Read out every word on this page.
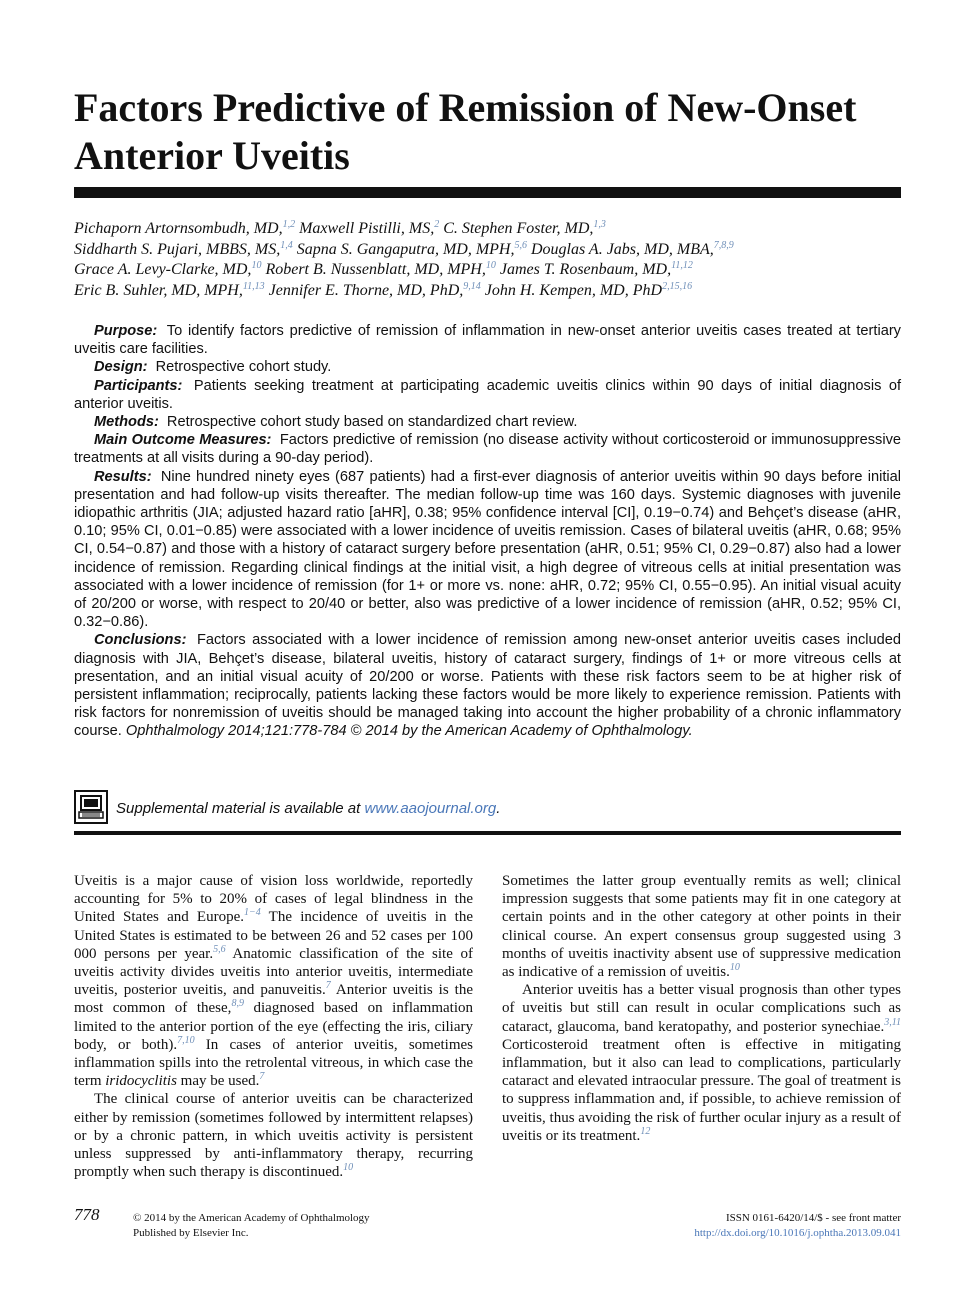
Factors Predictive of Remission of New-Onset Anterior Uveitis
Pichaporn Artornsombudh, MD,$^{1,2}$ Maxwell Pistilli, MS,$^2$ C. Stephen Foster, MD,$^{1,3}$
Siddharth S. Pujari, MBBS, MS,$^{1,4}$ Sapna S. Gangaputra, MD, MPH,$^{5,6}$ Douglas A. Jabs, MD, MBA,$^{7,8,9}$
Grace A. Levy-Clarke, MD,$^{10}$ Robert B. Nussenblatt, MD, MPH,$^{10}$ James T. Rosenbaum, MD,$^{11,12}$
Eric B. Suhler, MD, MPH,$^{11,13}$ Jennifer E. Thorne, MD, PhD,$^{9,14}$ John H. Kempen, MD, PhD$^{2,15,16}$

Purpose: To identify factors predictive of remission of inflammation in new-onset anterior uveitis cases treated at tertiary uveitis care facilities.

Design: Retrospective cohort study.

Participants: Patients seeking treatment at participating academic uveitis clinics within 90 days of initial diagnosis of anterior uveitis.

Methods: Retrospective cohort study based on standardized chart review.

Main Outcome Measures: Factors predictive of remission (no disease activity without corticosteroid or immunosuppressive treatments at all visits during a 90-day period).

Results: Nine hundred ninety eyes (687 patients) had a first-ever diagnosis of anterior uveitis within 90 days before initial presentation and had follow-up visits thereafter. The median follow-up time was 160 days. Systemic diagnoses with juvenile idiopathic arthritis (JIA; adjusted hazard ratio [aHR], 0.38; 95% confidence interval [CI], 0.19−0.74) and Behçet’s disease (aHR, 0.10; 95% CI, 0.01−0.85) were associated with a lower incidence of uveitis remission. Cases of bilateral uveitis (aHR, 0.68; 95% CI, 0.54−0.87) and those with a history of cataract surgery before presentation (aHR, 0.51; 95% CI, 0.29−0.87) also had a lower incidence of remission. Regarding clinical findings at the initial visit, a high degree of vitreous cells at initial presentation was associated with a lower incidence of remission (for 1+ or more vs. none: aHR, 0.72; 95% CI, 0.55−0.95). An initial visual acuity of 20/200 or worse, with respect to 20/40 or better, also was predictive of a lower incidence of remission (aHR, 0.52; 95% CI, 0.32−0.86).

Conclusions: Factors associated with a lower incidence of remission among new-onset anterior uveitis cases included diagnosis with JIA, Behçet’s disease, bilateral uveitis, history of cataract surgery, findings of 1+ or more vitreous cells at presentation, and an initial visual acuity of 20/200 or worse. Patients with these risk factors seem to be at higher risk of persistent inflammation; reciprocally, patients lacking these factors would be more likely to experience remission. Patients with risk factors for nonremission of uveitis should be managed taking into account the higher probability of a chronic inflammatory course. Ophthalmology 2014;121:778-784 © 2014 by the American Academy of Ophthalmology.

Supplemental material is available at www.aaojournal.org.

Uveitis is a major cause of vision loss worldwide, reportedly accounting for 5% to 20% of cases of legal blindness in the United States and Europe.$^{1-4}$ The incidence of uveitis in the United States is estimated to be between 26 and 52 cases per 100 000 persons per year.$^{5,6}$ Anatomic classification of the site of uveitis activity divides uveitis into anterior uveitis, intermediate uveitis, posterior uveitis, and panuveitis.$^7$ Anterior uveitis is the most common of these,$^{8,9}$ diagnosed based on inflammation limited to the anterior portion of the eye (effecting the iris, ciliary body, or both).$^{7,10}$ In cases of anterior uveitis, sometimes inflammation spills into the retrolental vitreous, in which case the term iridocyclitis may be used.$^7$

The clinical course of anterior uveitis can be characterized either by remission (sometimes followed by intermittent relapses) or by a chronic pattern, in which uveitis activity is persistent unless suppressed by anti-inflammatory therapy, recurring promptly when such therapy is discontinued.$^{10}$

Sometimes the latter group eventually remits as well; clinical impression suggests that some patients may fit in one category at certain points and in the other category at other points in their clinical course. An expert consensus group suggested using 3 months of uveitis inactivity absent use of suppressive medication as indicative of a remission of uveitis.$^{10}$

Anterior uveitis has a better visual prognosis than other types of uveitis but still can result in ocular complications such as cataract, glaucoma, band keratopathy, and posterior synechiae.$^{3,11}$ Corticosteroid treatment often is effective in mitigating inflammation, but it also can lead to complications, particularly cataract and elevated intraocular pressure. The goal of treatment is to suppress inflammation and, if possible, to achieve remission of uveitis, thus avoiding the risk of further ocular injury as a result of uveitis or its treatment.$^{12}$

778	© 2014 by the American Academy of Ophthalmology
Published by Elsevier Inc.
ISSN 0161-6420/14/$ - see front matter
http://dx.doi.org/10.1016/j.ophtha.2013.09.041
